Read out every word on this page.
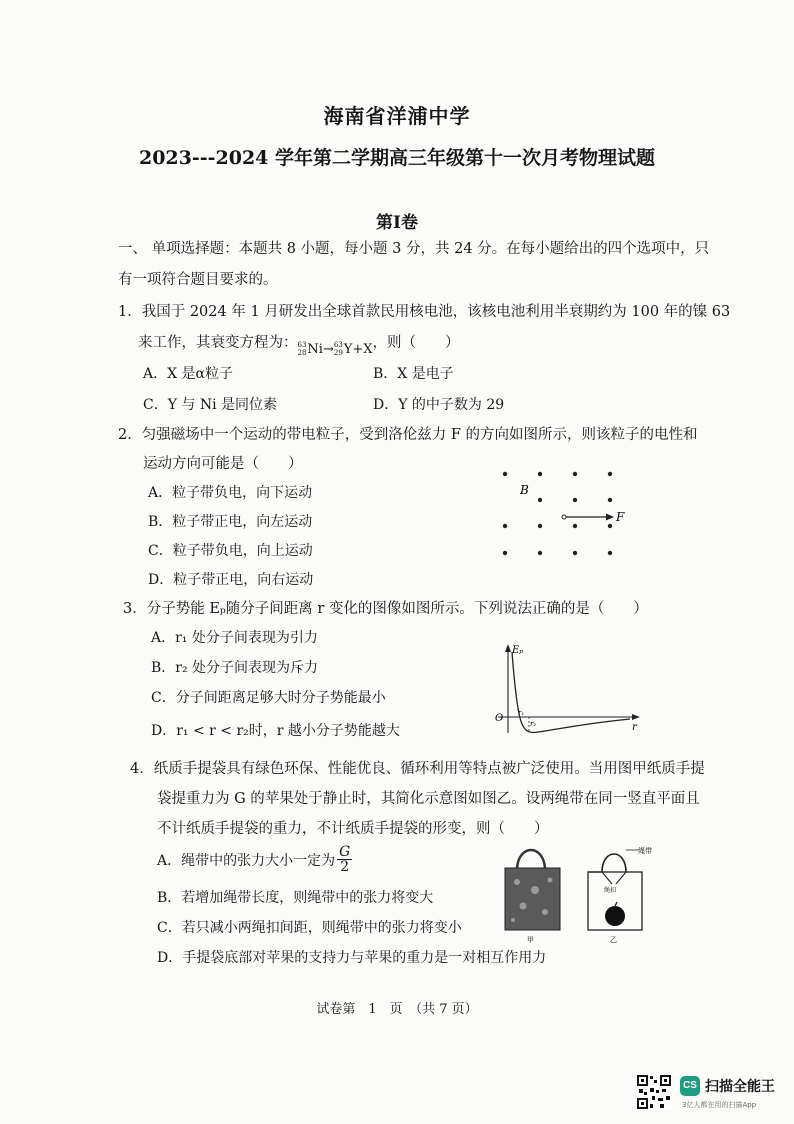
海南省洋浦中学
2023---2024 学年第二学期高三年级第十一次月考物理试题
第Ⅰ卷
一、 单项选择题：本题共 8 小题，每小题 3 分，共 24 分。在每小题给出的四个选项中，只
有一项符合题目要求的。
1．我国于 2024 年 1 月研发出全球首款民用核电池，该核电池利用半衰期约为 100 年的镍 63
来工作，其衰变方程为： 63
28 Ni → 63
29 Y+X ，则（　　）
A．X 是α粒子	B．X 是电子
C．Y 与 Ni 是同位素	D．Y 的中子数为 29
2．匀强磁场中一个运动的带电粒子，受到洛伦兹力 F 的方向如图所示，则该粒子的电性和
运动方向可能是（　　）
A．粒子带负电，向下运动
B．粒子带正电，向左运动
C．粒子带负电，向上运动
D．粒子带正电，向右运动
B
F
3．分子势能 Eₚ随分子间距离 r 变化的图像如图所示。下列说法正确的是（　　）
A．r₁ 处分子间表现为引力
B．r₂ 处分子间表现为斥力
C．分子间距离足够大时分子势能最小
D．r₁ < r < r₂时，r 越小分子势能越大
Eₚ
O r₁
r₂	r
4．纸质手提袋具有绿色环保、性能优良、循环利用等特点被广泛使用。当用图甲纸质手提
袋提重力为 G 的苹果处于静止时，其简化示意图如图乙。设两绳带在同一竖直平面且
不计纸质手提袋的重力，不计纸质手提袋的形变，则（　　）
A．绳带中的张力大小一定为 $\frac{G}{2}$
B．若增加绳带长度，则绳带中的张力将变大
C．若只减小两绳扣间距，则绳带中的张力将变小
D．手提袋底部对苹果的支持力与苹果的重力是一对相互作用力
甲
绳带
绳扣
乙
试卷第　1　页　（共 7 页）
CS 扫描全能王
3亿人都在用的扫描App
